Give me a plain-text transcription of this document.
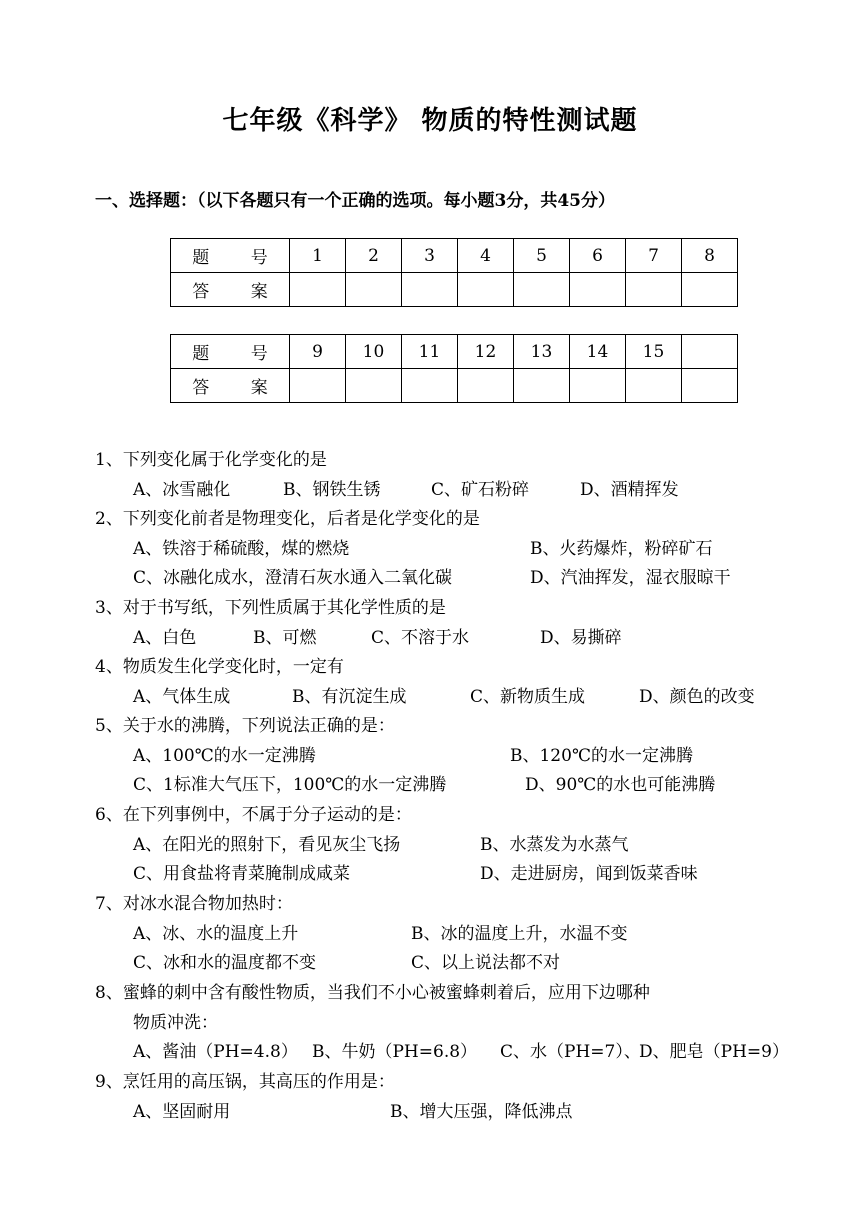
七年级《科学》 物质的特性测试题
一、选择题：（以下各题只有一个正确的选项。每小题3分，共45分）
题 号	1	2	3	4	5	6	7	8
答 案								
题 号	9	10	11	12	13	14	15	
答 案								
1、下列变化属于化学变化的是
A、冰雪融化	B、钢铁生锈	C、矿石粉碎	D、酒精挥发
2、下列变化前者是物理变化，后者是化学变化的是
A、铁溶于稀硫酸，煤的燃烧	B、火药爆炸，粉碎矿石
C、冰融化成水，澄清石灰水通入二氧化碳	D、汽油挥发，湿衣服晾干
3、对于书写纸，下列性质属于其化学性质的是
A、白色	B、可燃	C、不溶于水	D、易撕碎
4、物质发生化学变化时，一定有
A、气体生成	B、有沉淀生成	C、新物质生成	D、颜色的改变
5、关于水的沸腾，下列说法正确的是：
A、100℃的水一定沸腾	B、120℃的水一定沸腾
C、1标准大气压下，100℃的水一定沸腾	D、90℃的水也可能沸腾
6、在下列事例中，不属于分子运动的是：
A、在阳光的照射下，看见灰尘飞扬	B、水蒸发为水蒸气
C、用食盐将青菜腌制成咸菜	D、走进厨房，闻到饭菜香味
7、对冰水混合物加热时：
A、冰、水的温度上升	B、冰的温度上升，水温不变
C、冰和水的温度都不变	C、以上说法都不对
8、蜜蜂的刺中含有酸性物质，当我们不小心被蜜蜂刺着后，应用下边哪种
物质冲洗：
A、酱油（PH=4.8） B、牛奶（PH=6.8） C、水（PH=7）、
D、肥皂（PH=9）
9、烹饪用的高压锅，其高压的作用是：
A、坚固耐用	B、增大压强，降低沸点
